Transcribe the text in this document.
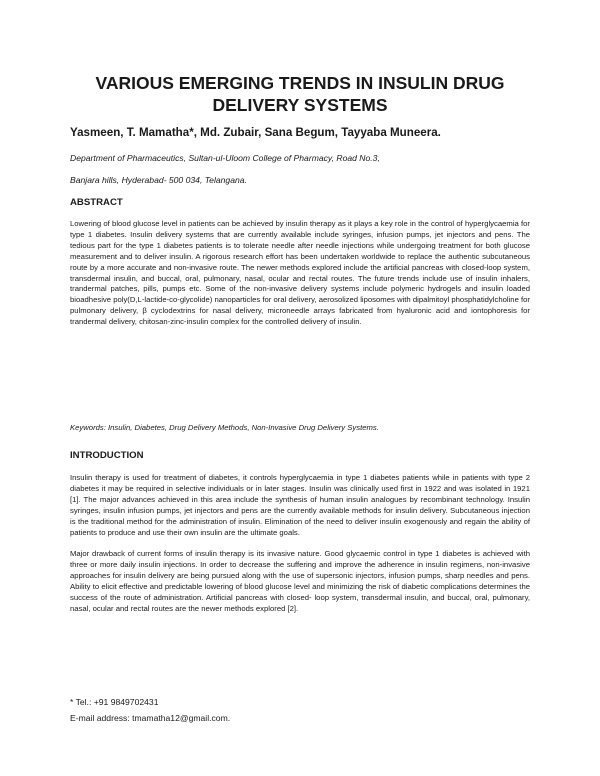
VARIOUS EMERGING TRENDS IN INSULIN DRUG DELIVERY SYSTEMS

Yasmeen, T. Mamatha*, Md. Zubair, Sana Begum, Tayyaba Muneera.

Department of Pharmaceutics, Sultan-ul-Uloom College of Pharmacy, Road No.3,

Banjara hills, Hyderabad- 500 034, Telangana.

ABSTRACT

Lowering of blood glucose level in patients can be achieved by insulin therapy as it plays a key role in the control of hyperglycaemia for type 1 diabetes. Insulin delivery systems that are currently available include syringes, infusion pumps, jet injectors and pens. The tedious part for the type 1 diabetes patients is to tolerate needle after needle injections while undergoing treatment for both glucose measurement and to deliver insulin. A rigorous research effort has been undertaken worldwide to replace the authentic subcutaneous route by a more accurate and non-invasive route. The newer methods explored include the artificial pancreas with closed-loop system, transdermal insulin, and buccal, oral, pulmonary, nasal, ocular and rectal routes. The future trends include use of insulin inhalers, trandermal patches, pills, pumps etc. Some of the non-invasive delivery systems include polymeric hydrogels and insulin loaded bioadhesive poly(D,L-lactide-co-glycolide) nanoparticles for oral delivery, aerosolized liposomes with dipalmitoyl phosphatidylcholine for pulmonary delivery, β cyclodextrins for nasal delivery, microneedle arrays fabricated from hyaluronic acid and iontophoresis for trandermal delivery, chitosan-zinc-insulin complex for the controlled delivery of insulin.

Keywords: Insulin, Diabetes, Drug Delivery Methods, Non-Invasive Drug Delivery Systems.

INTRODUCTION

Insulin therapy is used for treatment of diabetes, it controls hyperglycaemia in type 1 diabetes patients while in patients with type 2 diabetes it may be required in selective individuals or in later stages. Insulin was clinically used first in 1922 and was isolated in 1921 [1]. The major advances achieved in this area include the synthesis of human insulin analogues by recombinant technology. Insulin syringes, insulin infusion pumps, jet injectors and pens are the currently available methods for insulin delivery. Subcutaneous injection is the traditional method for the administration of insulin. Elimination of the need to deliver insulin exogenously and regain the ability of patients to produce and use their own insulin are the ultimate goals.

Major drawback of current forms of insulin therapy is its invasive nature. Good glycaemic control in type 1 diabetes is achieved with three or more daily insulin injections. In order to decrease the suffering and improve the adherence in insulin regimens, non-invasive approaches for insulin delivery are being pursued along with the use of supersonic injectors, infusion pumps, sharp needles and pens. Ability to elicit effective and predictable lowering of blood glucose level and minimizing the risk of diabetic complications determines the success of the route of administration. Artificial pancreas with closed- loop system, transdermal insulin, and buccal, oral, pulmonary, nasal, ocular and rectal routes are the newer methods explored [2].

* Tel.: +91 9849702431

E-mail address: tmamatha12@gmail.com.
